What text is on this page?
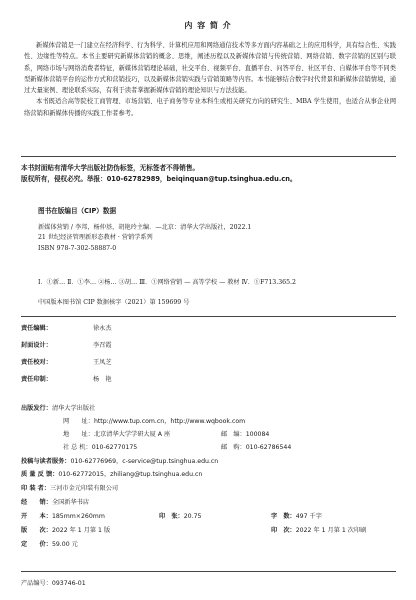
内 容 简 介

新媒体营销是一门建立在经济科学、行为科学、计算机应用和网络通信技术等多方面内容基础之上的应用科学，具有综合性、实践性、边缘性等特点。本书主要研究新媒体营销的概念、思维，阐述历程以及新媒体营销与传统营销、网络营销、数字营销的区别与联系，网络市场与网络消费者特征，新媒体营销理论基础，社交平台、视频平台、直播平台、问答平台、社区平台、自媒体平台等不同类型新媒体营销平台的运作方式和营销技巧，以及新媒体营销实践与营销策略等内容。本书能够结合数字时代背景和新媒体营销情境，通过大量案例、理论联系实际，有利于读者掌握新媒体营销的理论知识与方法技能。

本书既适合高等院校工商管理、市场营销、电子商务等专业本科生或相关研究方向的研究生、MBA 学生使用，也适合从事企业网络营销和新媒体传播的实践工作者参考。

本书封面贴有清华大学出版社防伪标签，无标签者不得销售。
版权所有，侵权必究。举报：010-62782989，beiqinquan@tup.tsinghua.edu.cn。
图书在版编目（CIP）数据
新媒体营销 / 李邦，杨仲基，胡艳玲主编．—北京：清华大学出版社，2022.1
21 世纪经济管理新形态教材 · 营销学系列
ISBN 978-7-302-58887-0
Ⅰ．①新… Ⅱ．①李… ②杨… ③胡… Ⅲ．①网络营销 — 高等学校 — 教材 Ⅳ．①F713.365.2
中国版本图书馆 CIP 数据核字（2021）第 159699 号
责任编辑：	徐永杰
封面设计：	李召霞
责任校对：	王凤芝
责任印制：	杨　艳
出版发行：清华大学出版社
网　　址：http://www.tup.com.cn，http://www.wqbook.com
地　　址：北京清华大学学研大厦 A 座	邮　编：100084
社 总 机：010-62770175	邮　购：010-62786544
投稿与读者服务：010-62776969，c-service@tup.tsinghua.edu.cn
质 量 反 馈：010-62772015，zhiliang@tup.tsinghua.edu.cn
印 装 者：三河市金元印装有限公司
经　　销：全国新华书店
开　　本：185mm×260mm	印　张：20.75	字　数：497 千字
版　　次：2022 年 1 月第 1 版	印　次：2022 年 1 月第 1 次印刷
定　　价：59.00 元
产品编号：093746-01
